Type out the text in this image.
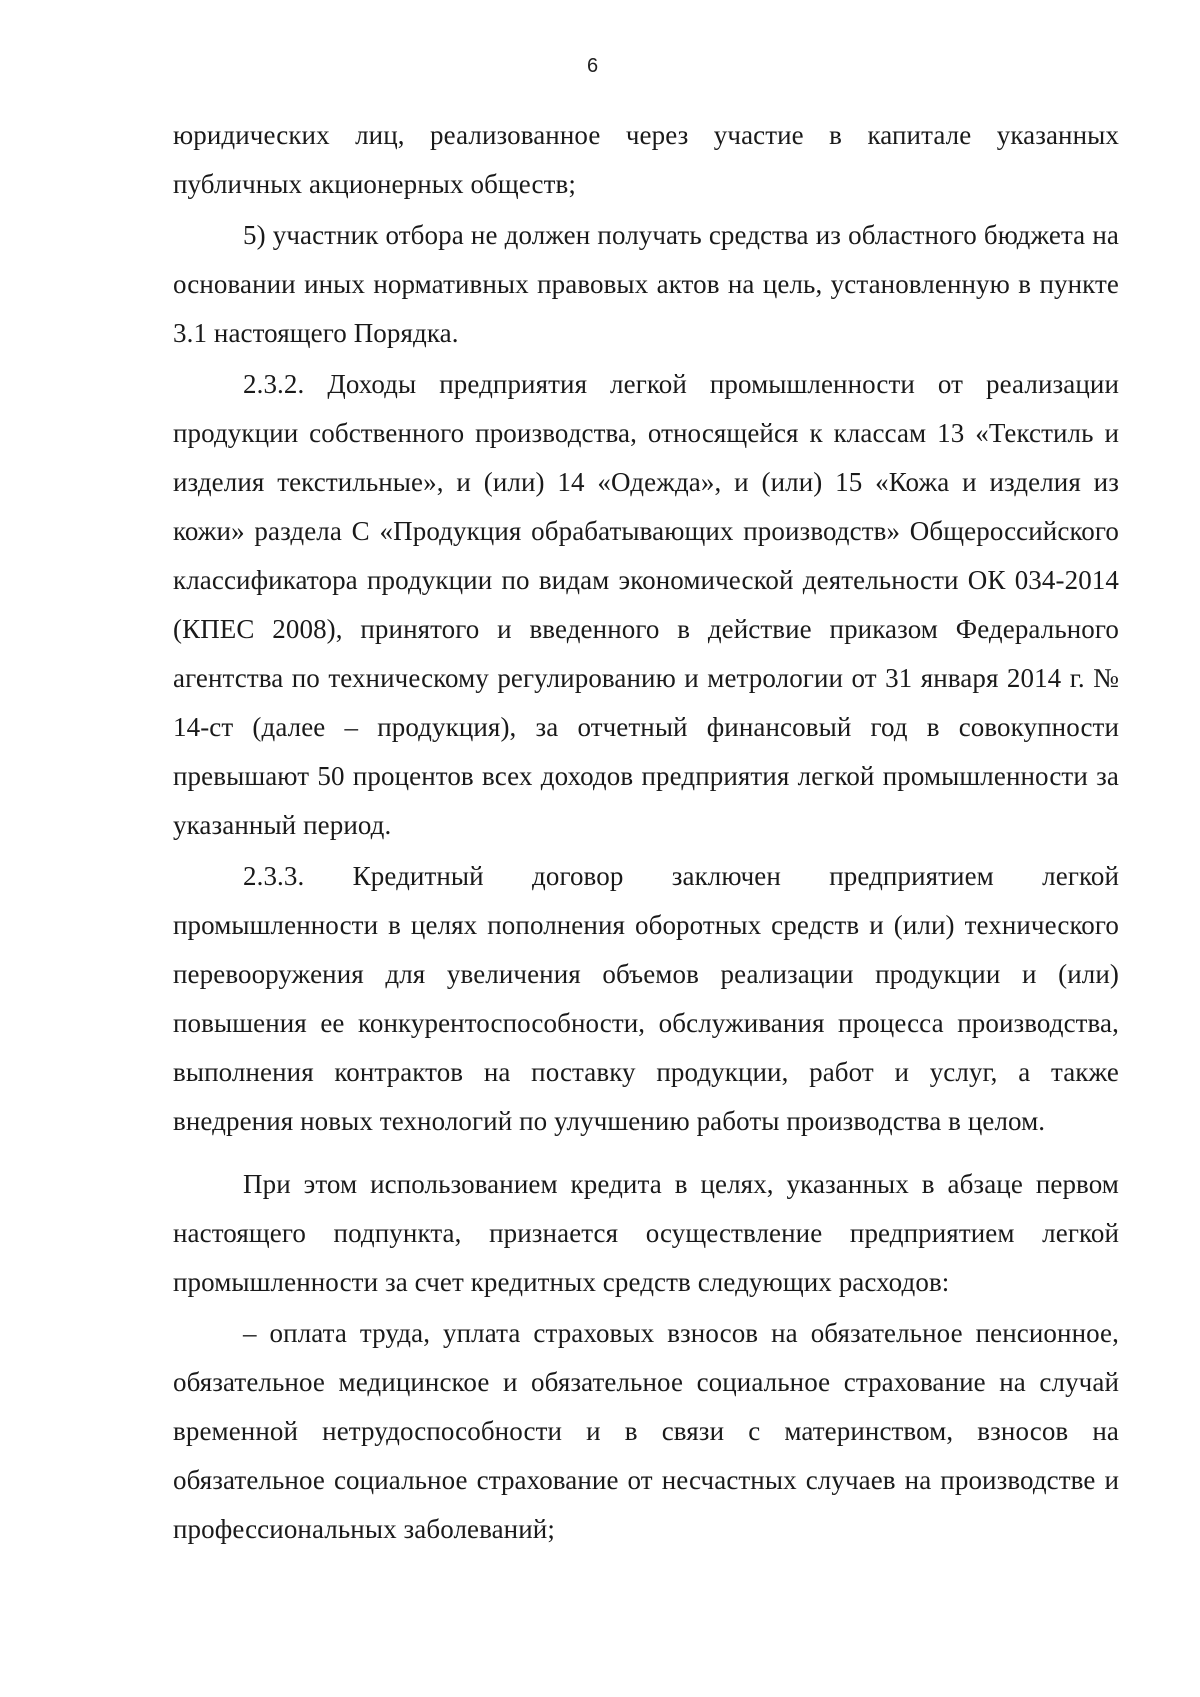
6

юридических лиц, реализованное через участие в капитале указанных публичных акционерных обществ;

5) участник отбора не должен получать средства из областного бюджета на основании иных нормативных правовых актов на цель, установленную в пункте 3.1 настоящего Порядка.

2.3.2. Доходы предприятия легкой промышленности от реализации продукции собственного производства, относящейся к классам 13 «Текстиль и изделия текстильные», и (или) 14 «Одежда», и (или) 15 «Кожа и изделия из кожи» раздела С «Продукция обрабатывающих производств» Общероссийского классификатора продукции по видам экономической деятельности ОК 034-2014 (КПЕС 2008), принятого и введенного в действие приказом Федерального агентства по техническому регулированию и метрологии от 31 января 2014 г. № 14-ст (далее – продукция), за отчетный финансовый год в совокупности превышают 50 процентов всех доходов предприятия легкой промышленности за указанный период.

2.3.3. Кредитный договор заключен предприятием легкой промышленности в целях пополнения оборотных средств и (или) технического перевооружения для увеличения объемов реализации продукции и (или) повышения ее конкурентоспособности, обслуживания процесса производства, выполнения контрактов на поставку продукции, работ и услуг, а также внедрения новых технологий по улучшению работы производства в целом.

При этом использованием кредита в целях, указанных в абзаце первом настоящего подпункта, признается осуществление предприятием легкой промышленности за счет кредитных средств следующих расходов:

– оплата труда, уплата страховых взносов на обязательное пенсионное, обязательное медицинское и обязательное социальное страхование на случай временной нетрудоспособности и в связи с материнством, взносов на обязательное социальное страхование от несчастных случаев на производстве и профессиональных заболеваний;
